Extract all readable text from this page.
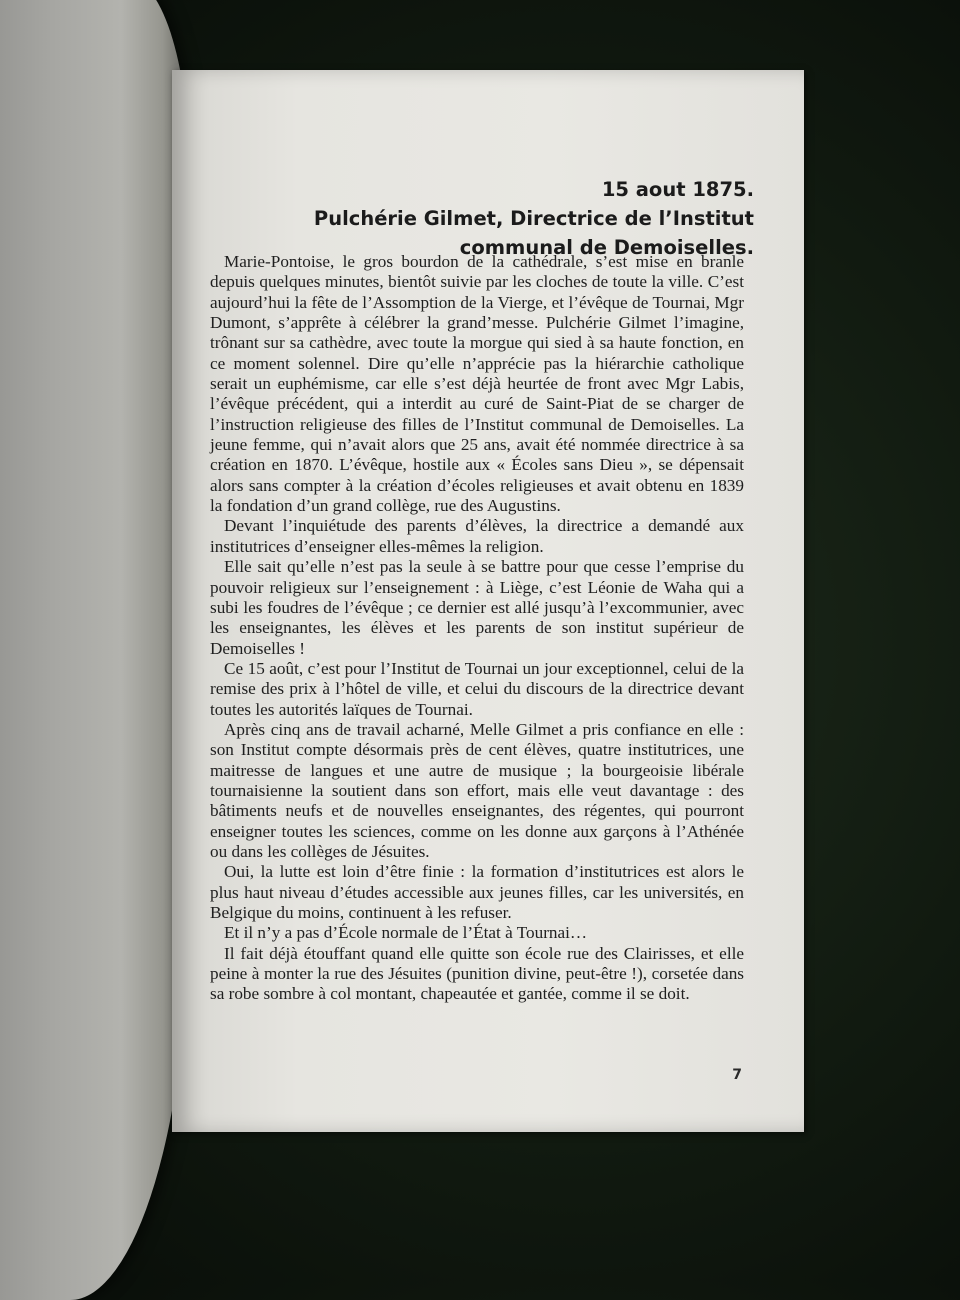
15 aout 1875.
Pulchérie Gilmet, Directrice de l’Institut
communal de Demoiselles.

Marie-Pontoise, le gros bourdon de la cathédrale, s’est mise en branle depuis quelques minutes, bientôt suivie par les cloches de toute la ville. C’est aujourd’hui la fête de l’Assomption de la Vierge, et l’évêque de Tournai, Mgr Dumont, s’apprête à célébrer la grand’messe. Pulchérie Gilmet l’imagine, trônant sur sa cathèdre, avec toute la morgue qui sied à sa haute fonction, en ce moment solennel. Dire qu’elle n’apprécie pas la hiérarchie catholique serait un euphémisme, car elle s’est déjà heurtée de front avec Mgr Labis, l’évêque précédent, qui a interdit au curé de Saint-Piat de se charger de l’instruction religieuse des filles de l’Institut communal de Demoiselles. La jeune femme, qui n’avait alors que 25 ans, avait été nommée directrice à sa création en 1870. L’évêque, hostile aux « Écoles sans Dieu », se dépensait alors sans compter à la création d’écoles religieuses et avait obtenu en 1839 la fondation d’un grand collège, rue des Augustins.

Devant l’inquiétude des parents d’élèves, la directrice a demandé aux institutrices d’enseigner elles-mêmes la religion.

Elle sait qu’elle n’est pas la seule à se battre pour que cesse l’emprise du pouvoir religieux sur l’enseignement : à Liège, c’est Léonie de Waha qui a subi les foudres de l’évêque ; ce dernier est allé jusqu’à l’excommunier, avec les enseignantes, les élèves et les parents de son institut supérieur de Demoiselles !

Ce 15 août, c’est pour l’Institut de Tournai un jour exceptionnel, celui de la remise des prix à l’hôtel de ville, et celui du discours de la directrice devant toutes les autorités laïques de Tournai.

Après cinq ans de travail acharné, Melle Gilmet a pris confiance en elle : son Institut compte désormais près de cent élèves, quatre institutrices, une maitresse de langues et une autre de musique ; la bourgeoisie libérale tournaisienne la soutient dans son effort, mais elle veut davantage : des bâtiments neufs et de nouvelles enseignantes, des régentes, qui pourront enseigner toutes les sciences, comme on les donne aux garçons à l’Athénée ou dans les collèges de Jésuites.

Oui, la lutte est loin d’être finie : la formation d’institutrices est alors le plus haut niveau d’études accessible aux jeunes filles, car les universités, en Belgique du moins, continuent à les refuser.

Et il n’y a pas d’École normale de l’État à Tournai…

Il fait déjà étouffant quand elle quitte son école rue des Clairisses, et elle peine à monter la rue des Jésuites (punition divine, peut-être !), corsetée dans sa robe sombre à col montant, chapeautée et gantée, comme il se doit.

7
